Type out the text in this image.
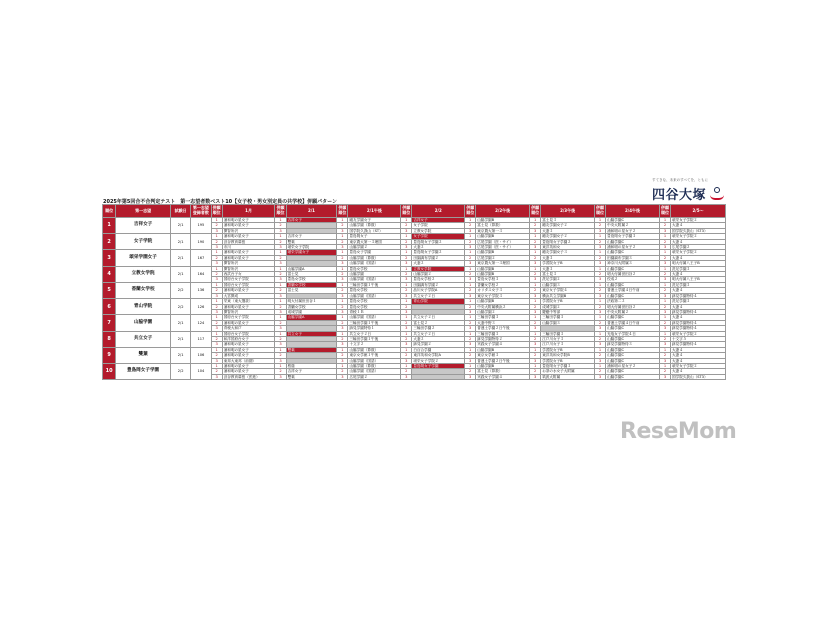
2025年第5回合不合判定テスト　第一志望者数ベスト10【女子校・男女別定員の共学校】併願パターン
すてきな、未来のすべてを、ともに
四谷大塚
順位	第一志望	試験日	第一志望登録者数	併願順位	1月	併願順位	2/1	併願順位	2/1午後	併願順位	2/2	併願順位	2/2午後	併願順位	2/3午後	併願順位	2/4午後	併願順位	2/5〜
1	吉祥女子	2/1	195	1	浦和明の星女子	1	吉祥女子	1	鷗友学園女子	1	吉祥女子	1	山脇学園B	1	富士見３	1	山脇学園C	1	頌栄女子学院２
				2	浦和明の星女子	2		2	山脇学園（算数）	2	女子学院	2	富士見（算数）	2	鷗友学園女子２	2	中央大附属２	2	大妻４
				3	開智所沢	3		3	国学院久我山（ST）	3	立教女学院	3	東京農大第一３	3	大妻３	3	浦和明の星女子２	3	国学院久我山（ST3）
2	女子学院	2/1	190	1	浦和明の星女子	1	吉祥女子	1	豊島岡女子	1	女子学院	1	山脇学園B	1	鷗友学園女子２	1	豊島岡女子学園３	1	頌栄女子学院２
				2	渋谷教育幕張	2	雙葉	2	東京農大第一３理国	2	豊島岡女子学園２	2	広尾学園（医・サイ）	2	豊島岡女子学園２	2	山脇学園C	2	大妻４
				3	市川	3	頌栄女子学院	3	山脇学園２	3	大妻２	3	広尾学園（医・サイ）	3	東洋英和女	3	浦和明の星女子２	3	広尾学園２
3	頌栄学園女子	2/1	167	1	浦和明の星女子	1	頌栄学園女子	1	豊島女子学園	1	豊島岡女子学園２	1	山脇学園B	1	鷗友学園女子３	1	山脇学園C	1	頌栄女子学院２
				2	浦和明の星女子	2		2	山脇学園（算数）	2	田園調布学園２	2	広尾学園２	2	大妻３	2	田園調布学園３	2	大妻４
				3	開智所沢	3		3	山脇学園（国語）	3	大妻２	3	東京農大第一３理国	3	学習院女子B	3	神奈川大附属３	3	明大付属八王子B
4	立教女学院	2/1	164	1	開智所沢	1	山脇学園A	1	豊島女学校	1	立教女学院	1	山脇学園B	1	大妻３	1	山脇学園C	1	洗足学園３
				2	西武台子女	2	富士見	2	山脇学園	2	山脇学園２	2	山脇学園B	2	富士見３	2	明大付属世田谷２	2	大妻４
				3	国府台女子学院	3	豊島女学校	3	山脇学園（国語）	3	豊島女学校２	3	豊島女学校３	3	洗足学園２	3	佼成２	3	明大付属八王子B
5	香蘭女学校	2/2	136	1	国府台女子学院	1	香蘭女学校	1	三輪田学園１午後	1	田園調布学園２	1	香蘭女学校２	1	山脇学園３	1	山脇学園C	1	洗足学園３
				2	浦和明の星女子	2	富士見	2	豊島女学校	2	品川女子学院A	2	カリタス女子３	2	東京女子学院４	2	普連土学園４日午前	2	大妻４
				3	大宮開成	3		3	山脇学園（国語）	3	共立女子２日	3	東京女子学院３	3	横浜共立学園B	3	山脇学園C	3	跡見学園特待４
6	青山学院	2/2	126	1	栄東（東大選抜）	1	明大付属世田谷１	1	豊島女学校	1	青山学院	1	山脇学園B	1	学習院女子B	1	法政第二２	1	洗足学園３
				2	浦和明の星女子	2	香蘭女学校	2	豊島女学校	2		2	中央大附属横浜２	2	成城学園２	2	明大付属世田谷２	2	大妻４
				3	開智所沢	3	成城学園	3	青稜１Ｂ	3		3	山脇学園２	3	慶應中等部	3	中央大附属２	3	跡見学園特待４
7	山脇学園	2/1	124	1	国府台女子学院	1	山脇学園A	1	山脇学園（国語）	1	共立女子２日	1	三輪田学園３	1	三輪田学園３	1	山脇学園C	1	大妻４
				2	浦和明の星女子	2		2	三輪田学園１午後	2	富士見２	2	大妻中野３	2	山脇学園３	2	普連土学園４日午前	2	跡見学園特待４
				3	青稜大和戸	3		3	跡見学園特待１	3	三輪田学園２	3	普連土学園２日午後	3		3	山脇学園C	3	跡見学園特待４
8	共立女子	2/1	117	1	国府台女子学院	1	共立女子	1	共立女子２日	1	共立女子２日	1	三輪田学園３	1	三輪田学園３	1	光塩女子学院４日	1	頌栄女子学院２
				2	和洋国府台女子	2		2	三輪田学園１午後	2	大妻２	2	跡見学園特待２	2	江戸川女子３	2	山脇学園C	2	十文字５
				3	浦和明の星女子	3		3	十文字２	3	跡見学園２	3	実践女子学園４	3	江戸川女子３	3	跡見学園特待３	3	跡見学園特待４
9	雙葉	2/1	106	1	浦和明の星女子	1	雙葉	1	山脇学園（算数）	1	白百合学園	1	山脇学園B	1	学習院女子B	1	山脇学園C	1	大妻４
				2	浦和明の星女子	2		2	東京女学館１午後	2	東洋英和女学院A	2	東京女学館３	2	東洋英和女学院B	2	山脇学園C	2	大妻４
				3	東邦大東邦（前期）	3		3	山脇学園（国語）	3	頌栄女子学院２	3	普連土学園２日午後	3	学習院女子B	3	山脇学園C	3	大妻４
10	豊島岡女子学園	2/2	104	1	浦和明の星女子	1	桜蔭	1	山脇学園（算数）	1	豊島岡女子学園	1	山脇学園B	1	豊島岡女子学園３	1	浦和明の星女子２	1	頌栄女子学院２
				2	浦和明の星女子	2	吉祥女子	2	山脇学園（国語）	2		2	富士見（算数）	2	お茶の水女子大附属	2	山脇学園C	2	大妻４
				3	渋谷教育幕張（医進）	3	雙葉	3	広尾学園２	3		3	実践女子学園４	3	筑波大附属	3	山脇学園C	3	国学院久我山（ST3）
ReseMom
